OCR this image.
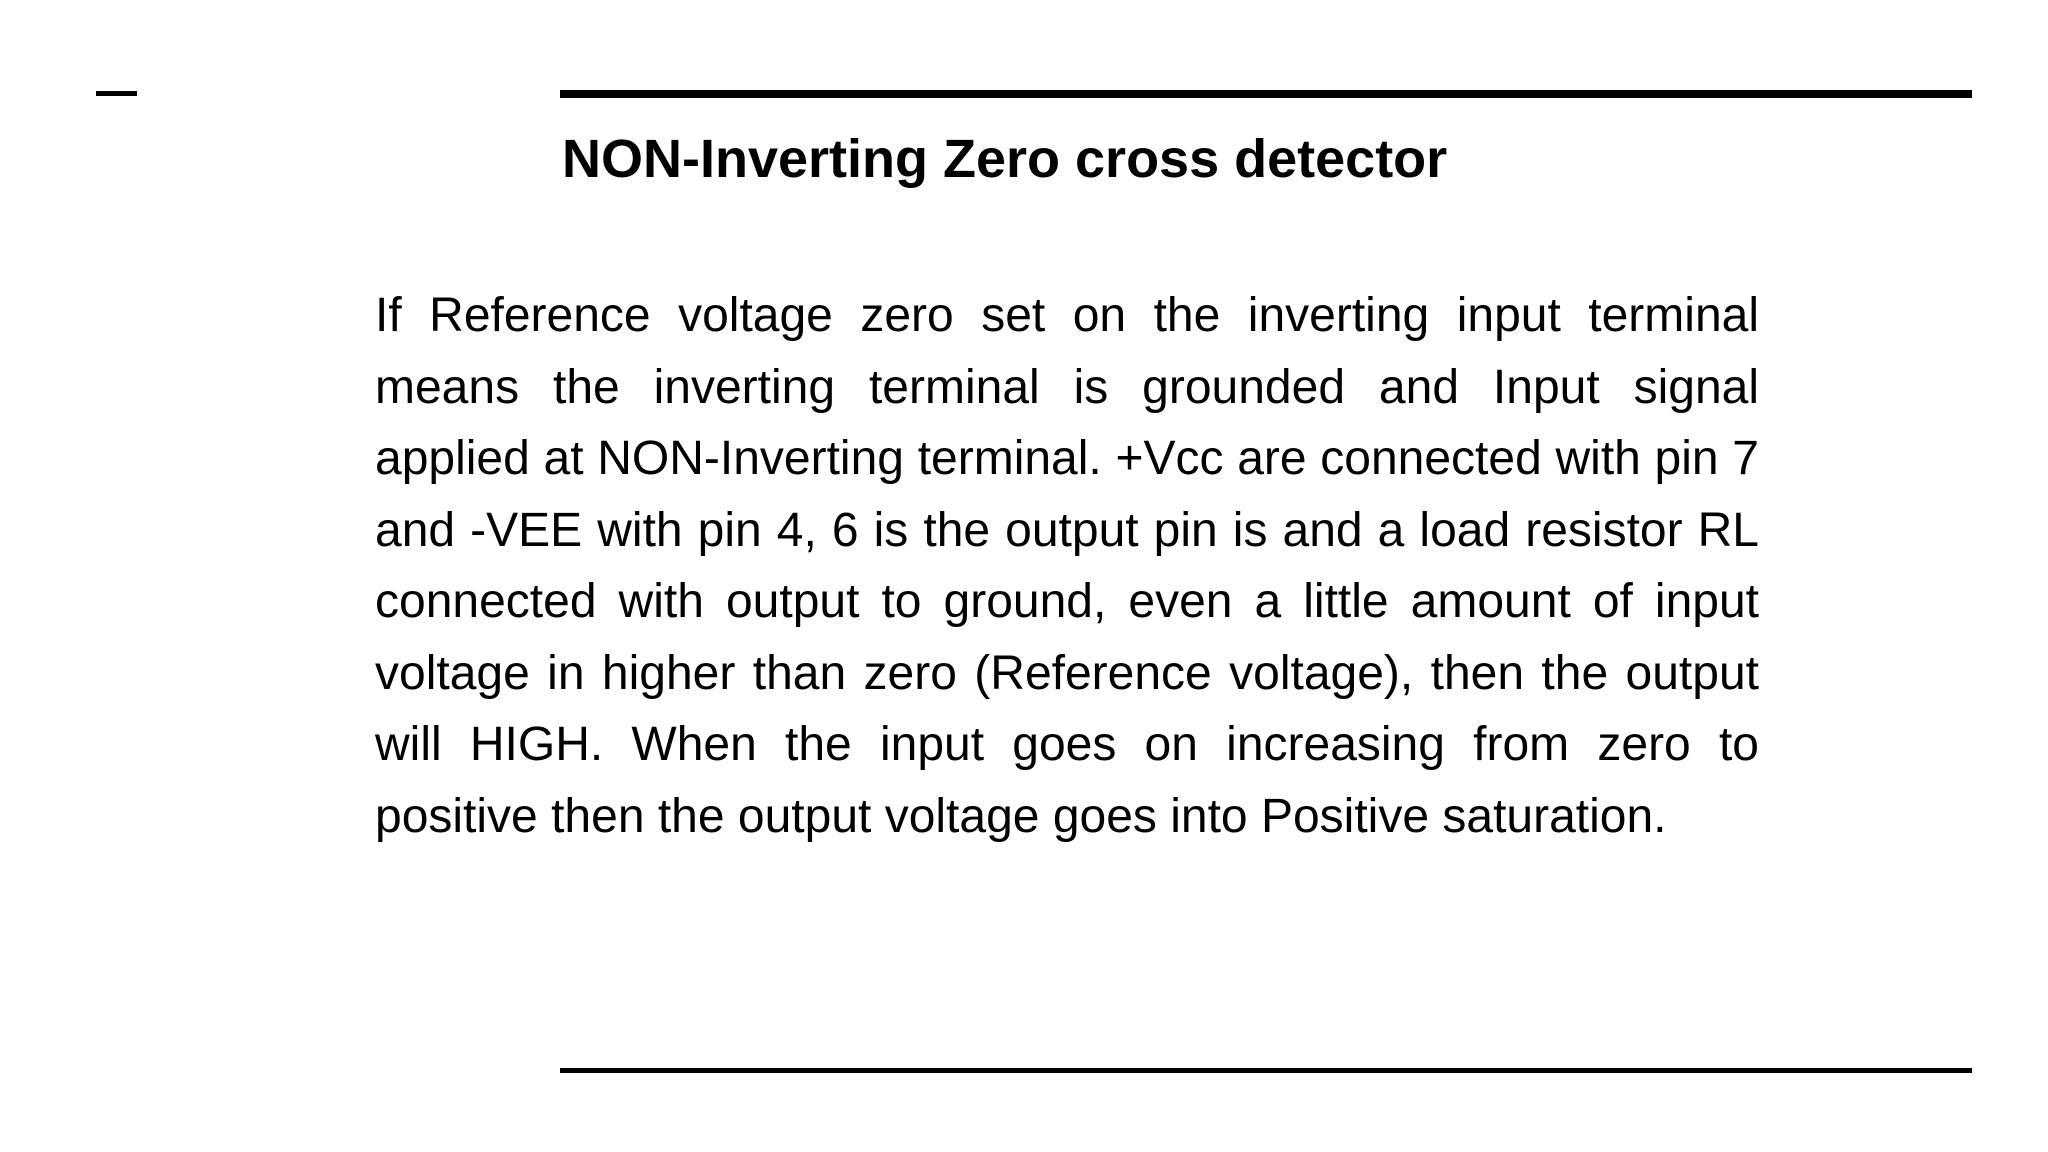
NON-Inverting Zero cross detector

If Reference voltage zero set on the inverting input terminal means the inverting terminal is grounded and Input signal applied at NON-Inverting terminal. +Vcc are connected with pin 7 and -VEE with pin 4, 6 is the output pin is and a load resistor RL connected with output to ground, even a little amount of input voltage in higher than zero (Reference voltage), then the output will HIGH. When the input goes on increasing from zero to positive then the output voltage goes into Positive saturation.
